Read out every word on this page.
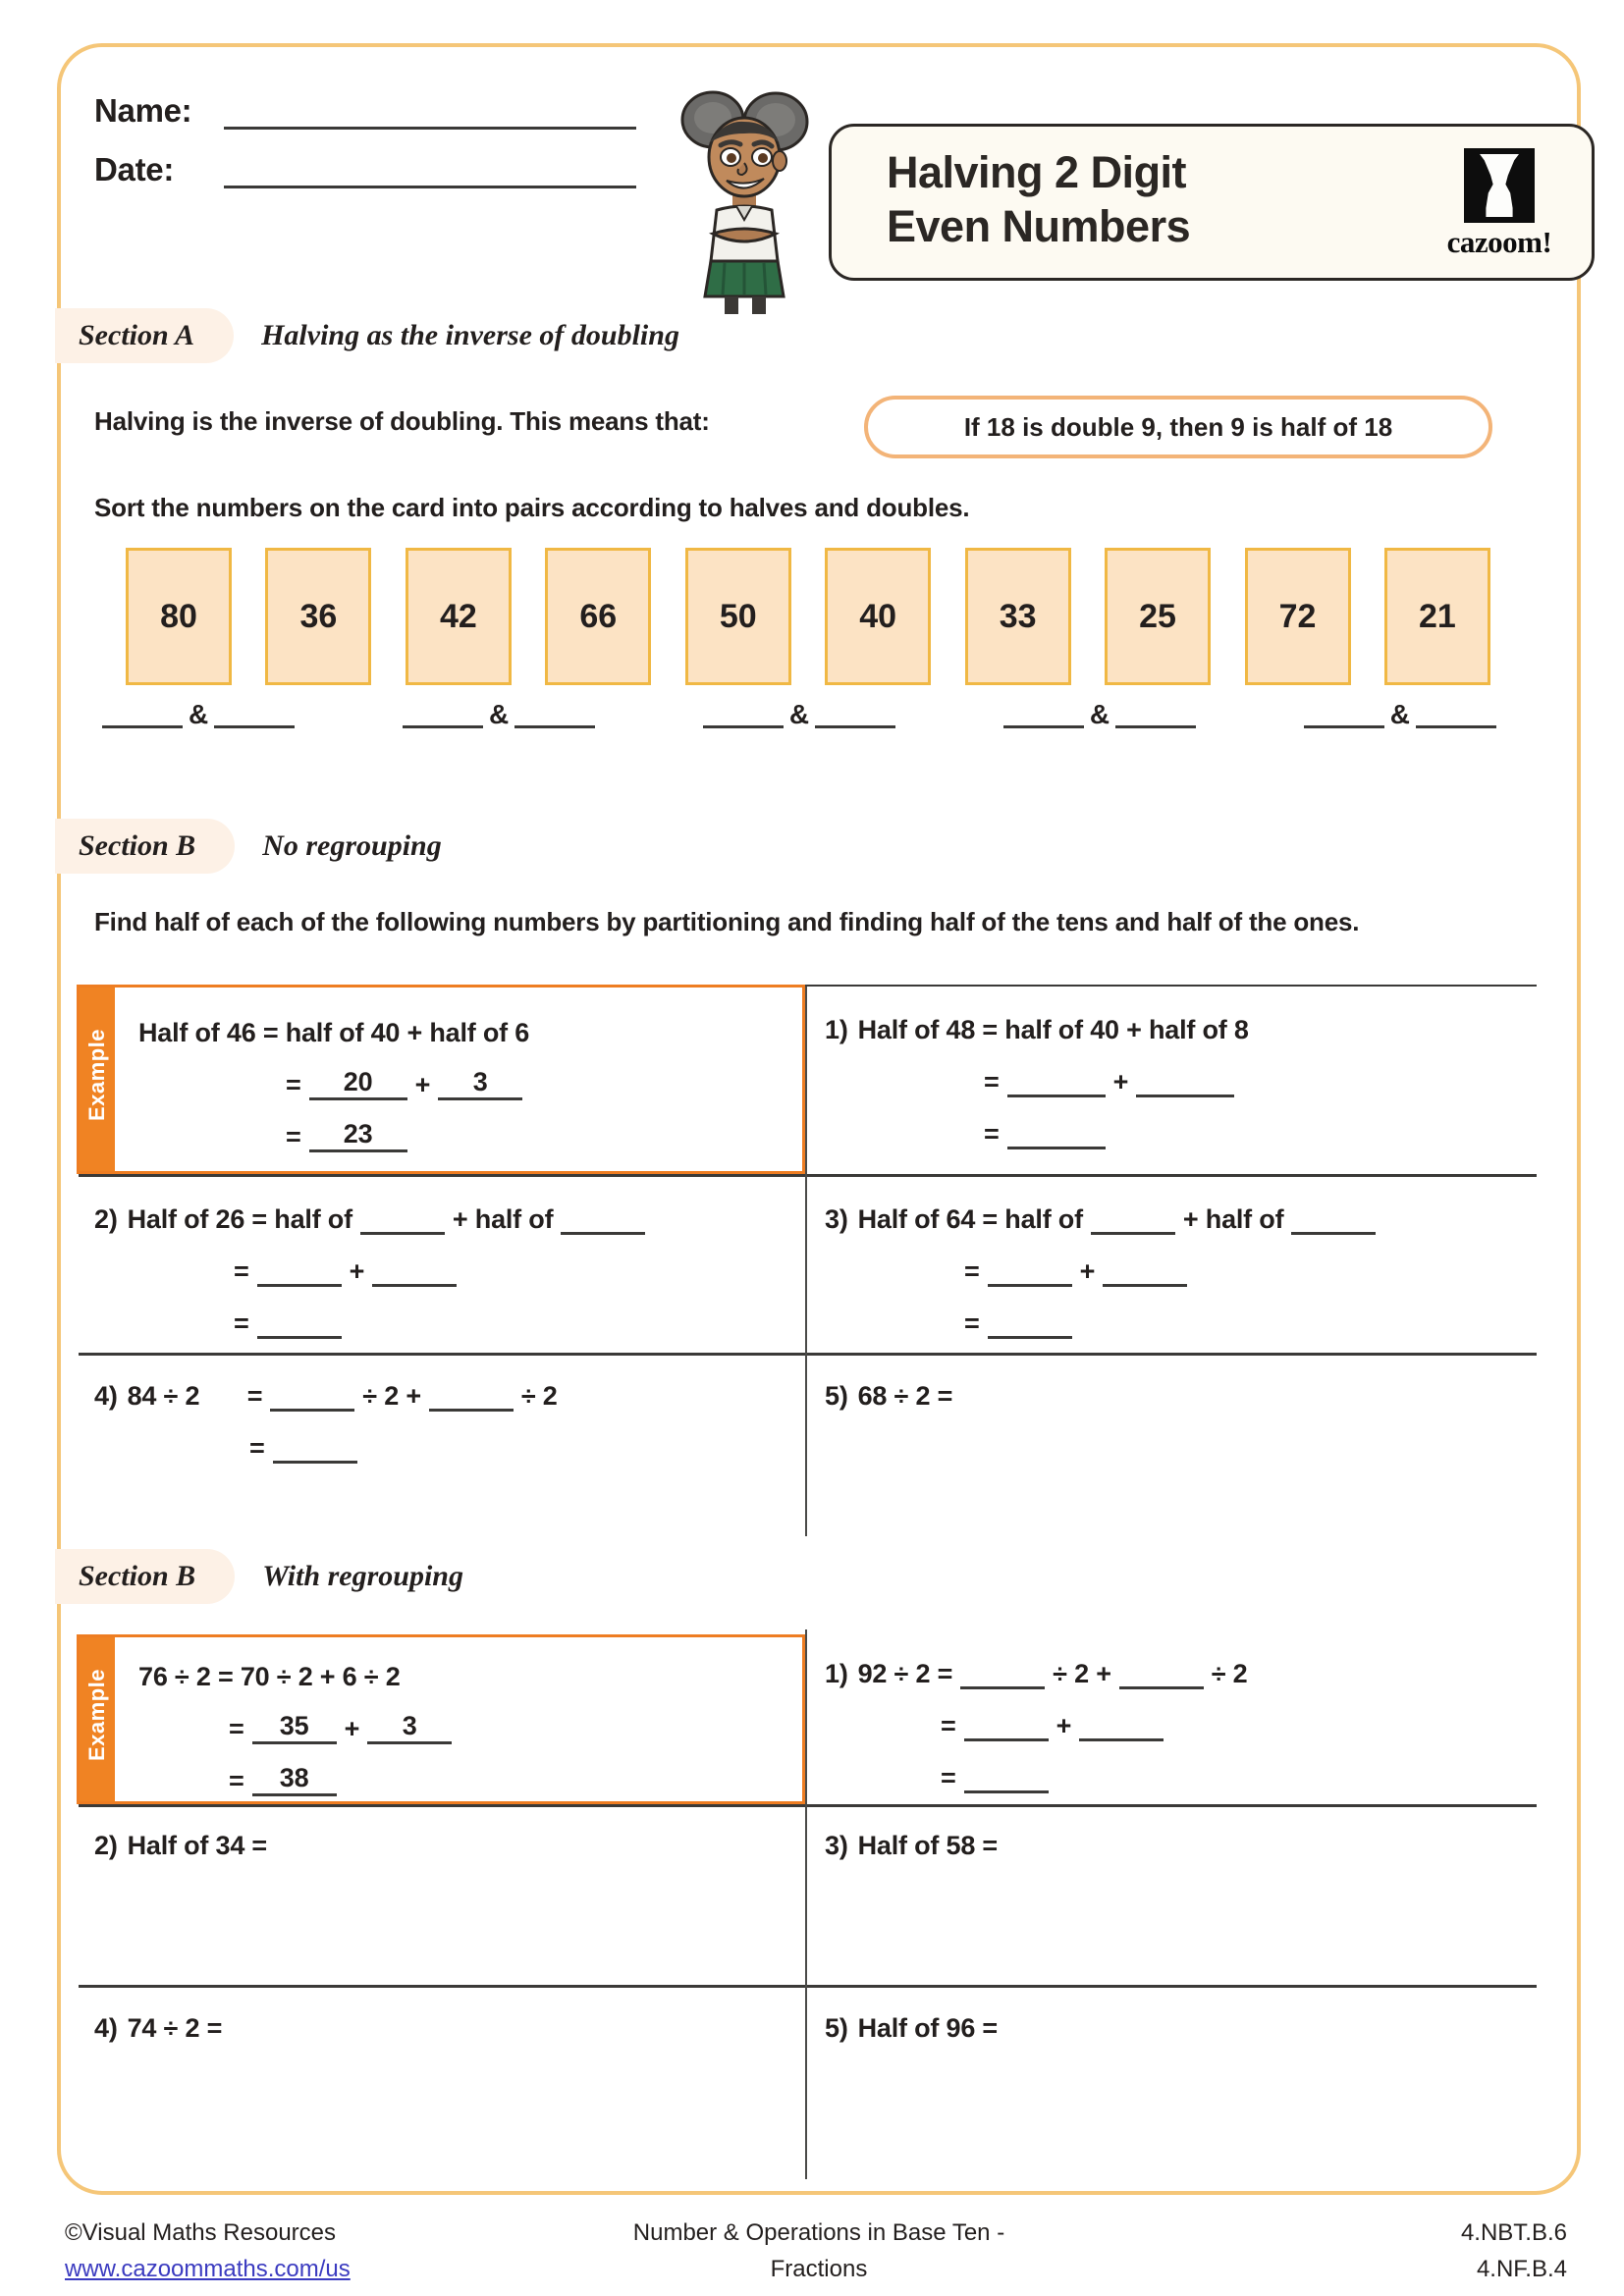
Name:
Date:	Halving 2 Digit
Even Numbers	cazoom!
Section A Halving as the inverse of doubling
Halving is the inverse of doubling. This means that:	If 18 is double 9, then 9 is half of 18
Sort the numbers on the card into pairs according to halves and doubles.
80	36	42	66	50	40	33	25	72	21
&	&	&	&	&
Section B No regrouping
Find half of each of the following numbers by partitioning and finding half of the tens and half of the ones.
Example Half of 46 = half of 40 + half of 6
=	20	+	3
=	23
1) Half of 48 = half of 40 + half of 8
=	+
=
2) Half of 26 = half of	+ half of
=	+
=
3) Half of 64 = half of	+ half of
=	+
=
4) 84 ÷ 2	=	÷ 2 +	÷ 2
=
5) 68 ÷ 2 =
Section B With regrouping
Example 76 ÷ 2 = 70 ÷ 2 + 6 ÷ 2
=	35	+	3
=	38
1) 92 ÷ 2 =	÷ 2 +	÷ 2
=	+
=
2) Half of 34 =	3) Half of 58 =
4) 74 ÷ 2 =	5) Half of 96 =
©Visual Maths Resources
www.cazoommaths.com/us
Number & Operations in Base Ten -
Fractions
4.NBT.B.6
4.NF.B.4
